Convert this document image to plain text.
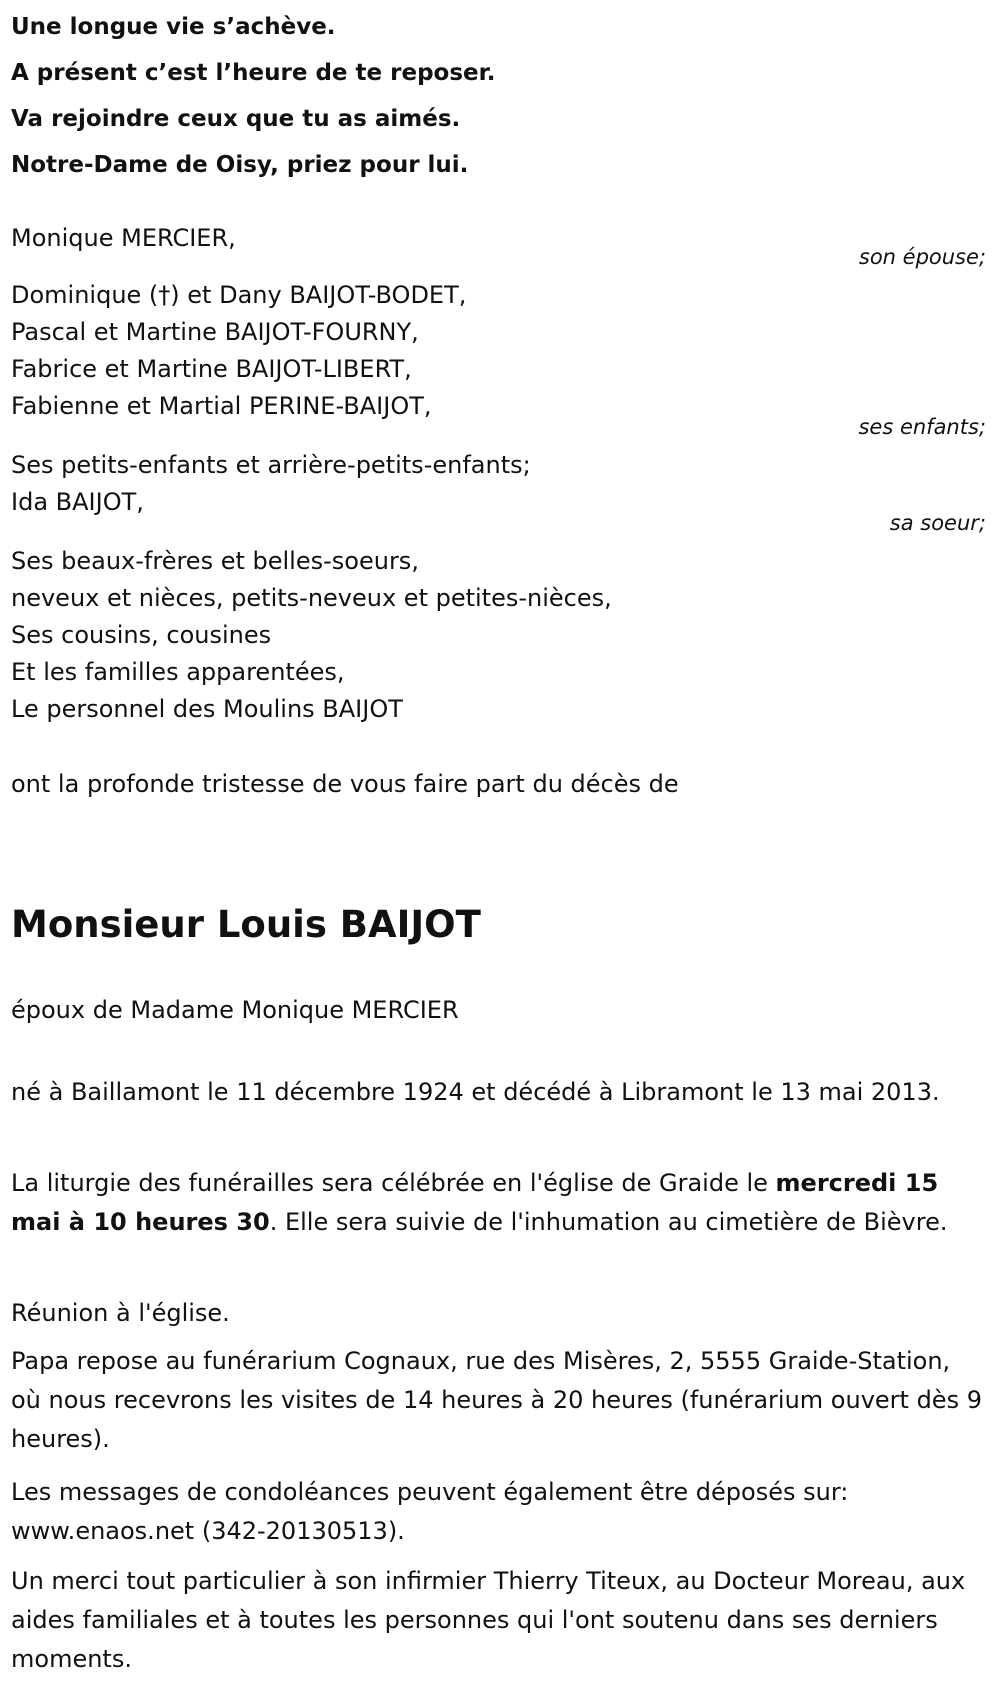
Une longue vie s’achève.
A présent c’est l’heure de te reposer.
Va rejoindre ceux que tu as aimés.
Notre-Dame de Oisy, priez pour lui.
Monique MERCIER,
son épouse;
Dominique (†) et Dany BAIJOT-BODET,
Pascal et Martine BAIJOT-FOURNY,
Fabrice et Martine BAIJOT-LIBERT,
Fabienne et Martial PERINE-BAIJOT,
ses enfants;
Ses petits-enfants et arrière-petits-enfants;
Ida BAIJOT,
sa soeur;
Ses beaux-frères et belles-soeurs,
neveux et nièces, petits-neveux et petites-nièces,
Ses cousins, cousines
Et les familles apparentées,
Le personnel des Moulins BAIJOT
ont la profonde tristesse de vous faire part du décès de
Monsieur Louis BAIJOT
époux de Madame Monique MERCIER
né à Baillamont le 11 décembre 1924 et décédé à Libramont le 13 mai 2013.
La liturgie des funérailles sera célébrée en l'église de Graide le mercredi 15 mai à 10 heures 30. Elle sera suivie de l'inhumation au cimetière de Bièvre.
Réunion à l'église.
Papa repose au funérarium Cognaux, rue des Misères, 2, 5555 Graide-Station, où nous recevrons les visites de 14 heures à 20 heures (funérarium ouvert dès 9 heures).
Les messages de condoléances peuvent également être déposés sur: www.enaos.net (342-20130513).
Un merci tout particulier à son infirmier Thierry Titeux, au Docteur Moreau, aux aides familiales et à toutes les personnes qui l'ont soutenu dans ses derniers moments.
